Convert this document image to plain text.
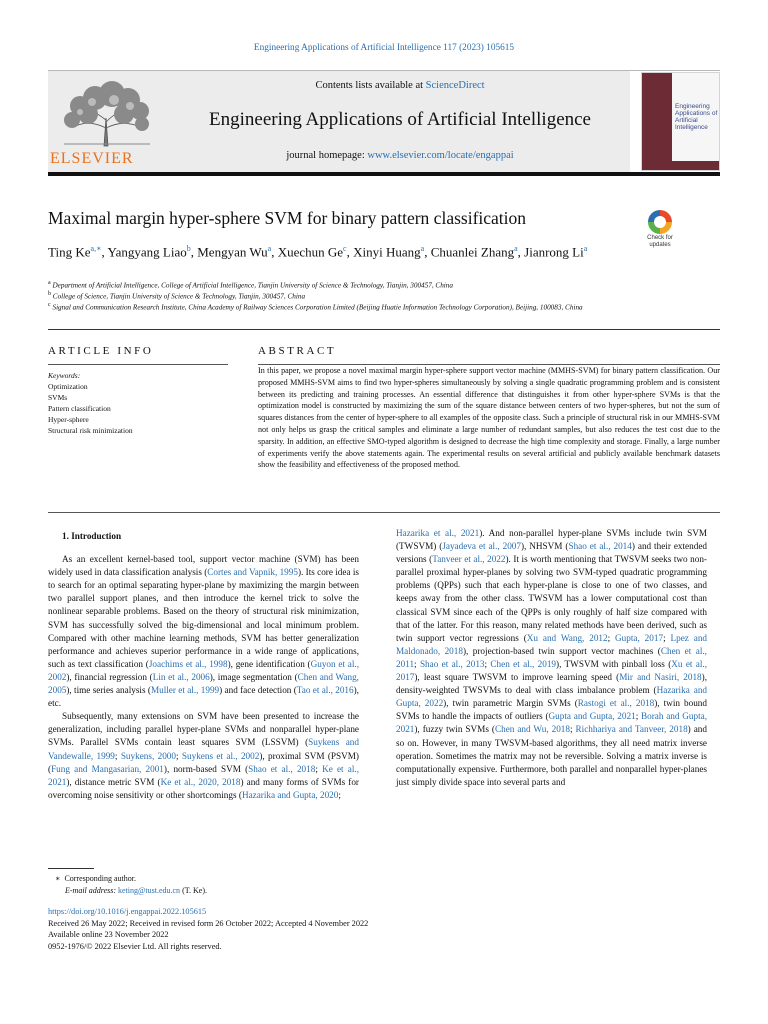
Engineering Applications of Artificial Intelligence 117 (2023) 105615
ELSEVIER
Contents lists available at ScienceDirect
Engineering Applications of Artificial Intelligence
journal homepage: www.elsevier.com/locate/engappai
Engineering Applications of Artificial Intelligence
Maximal margin hyper-sphere SVM for binary pattern classification
Ting $Ke^{a,∗}$, Yangyang Liao$^b$, Mengyan Wu$^a$, Xuechun Ge$^c$, Xinyi Huang$^a$, Chuanlei Zhang$^a$, Jianrong Li$^a$
Check for updates
$^a$ Department of Artificial Intelligence, College of Artificial Intelligence, Tianjin University of Science & Technology, Tianjin, 300457, China
$^b$ College of Science, Tianjin University of Science & Technology, Tianjin, 300457, China
$^c$ Signal and Communication Research Institute, China Academy of Railway Sciences Corporation Limited (Beijing Huatie Information Technology Corporation), Beijing, 100083, China
ARTICLE INFO
Keywords:
Optimization
SVMs
Pattern classification
Hyper-sphere
Structural risk minimization
ABSTRACT
In this paper, we propose a novel maximal margin hyper-sphere support vector machine (MMHS-SVM) for binary pattern classification. Our proposed MMHS-SVM aims to find two hyper-spheres simultaneously by solving a single quadratic programming problem and is consistent between its predicting and training processes. An essential difference that distinguishes it from other hyper-sphere SVMs is that the optimization model is constructed by maximizing the sum of the square distance between centers of two hyper-spheres, but not the sum of squares distances from the center of hyper-sphere to all examples of the opposite class. Such a principle of structural risk in our MMHS-SVM not only helps us grasp the critical samples and eliminate a large number of redundant samples, but also reduces the test cost due to the sparsity. In addition, an effective SMO-typed algorithm is designed to decrease the high time complexity and storage. Finally, a large number of experiments verify the above statements again. The experimental results on several artificial and publicly available benchmark datasets show the feasibility and effectiveness of the proposed method.

1. Introduction

As an excellent kernel-based tool, support vector machine (SVM) has been widely used in data classification analysis (Cortes and Vapnik, 1995). Its core idea is to search for an optimal separating hyper-plane by maximizing the margin between two parallel support planes, and then introduce the kernel trick to solve the nonlinear separable problems. Based on the theory of structural risk minimization, SVM has successfully solved the big-dimensional and local minimum problem. Compared with other machine learning methods, SVM has better generalization performance and achieves superior performance in a wide range of applications, such as text classification (Joachims et al., 1998), gene identification (Guyon et al., 2002), financial regression (Lin et al., 2006), image segmentation (Chen and Wang, 2005), time series analysis (Muller et al., 1999) and face detection (Tao et al., 2016), etc.

Subsequently, many extensions on SVM have been presented to increase the generalization, including parallel hyper-plane SVMs and nonparallel hyper-plane SVMs. Parallel SVMs contain least squares SVM (LSSVM) (Suykens and Vandewalle, 1999; Suykens, 2000; Suykens et al., 2002), proximal SVM (PSVM) (Fung and Mangasarian, 2001), norm-based SVM (Shao et al., 2018; Ke et al., 2021), distance metric SVM (Ke et al., 2020, 2018) and many forms of SVMs for overcoming noise sensitivity or other shortcomings (Hazarika and Gupta, 2020;

Hazarika et al., 2021). And non-parallel hyper-plane SVMs include twin SVM (TWSVM) (Jayadeva et al., 2007), NHSVM (Shao et al., 2014) and their extended versions (Tanveer et al., 2022). It is worth mentioning that TWSVM seeks two non-parallel proximal hyper-planes by solving two SVM-typed quadratic programming problems (QPPs) such that each hyper-plane is close to one of two classes, and keeps away from the other class. TWSVM has a lower computational cost than classical SVM since each of the QPPs is only roughly of half size compared with that of the latter. For this reason, many related methods have been derived, such as twin support vector regressions (Xu and Wang, 2012; Gupta, 2017; Lpez and Maldonado, 2018), projection-based twin support vector machines (Chen et al., 2011; Shao et al., 2013; Chen et al., 2019), TWSVM with pinball loss (Xu et al., 2017), least square TWSVM to improve learning speed (Mir and Nasiri, 2018), density-weighted TWSVMs to deal with class imbalance problem (Hazarika and Gupta, 2022), twin parametric Margin SVMs (Rastogi et al., 2018), twin bound SVMs to handle the impacts of outliers (Gupta and Gupta, 2021; Borah and Gupta, 2021), fuzzy twin SVMs (Chen and Wu, 2018; Richhariya and Tanveer, 2018) and so on. However, in many TWSVM-based algorithms, they all need matrix inverse operation. Sometimes the matrix may not be reversible. Solving a matrix inverse is computationally expensive. Furthermore, both parallel and nonparallel hyper-planes just simply divide space into several parts and

∗  Corresponding author.
E-mail address: keting@tust.edu.cn (T. Ke).
https://doi.org/10.1016/j.engappai.2022.105615
Received 26 May 2022; Received in revised form 26 October 2022; Accepted 4 November 2022
Available online 23 November 2022
0952-1976/© 2022 Elsevier Ltd. All rights reserved.
